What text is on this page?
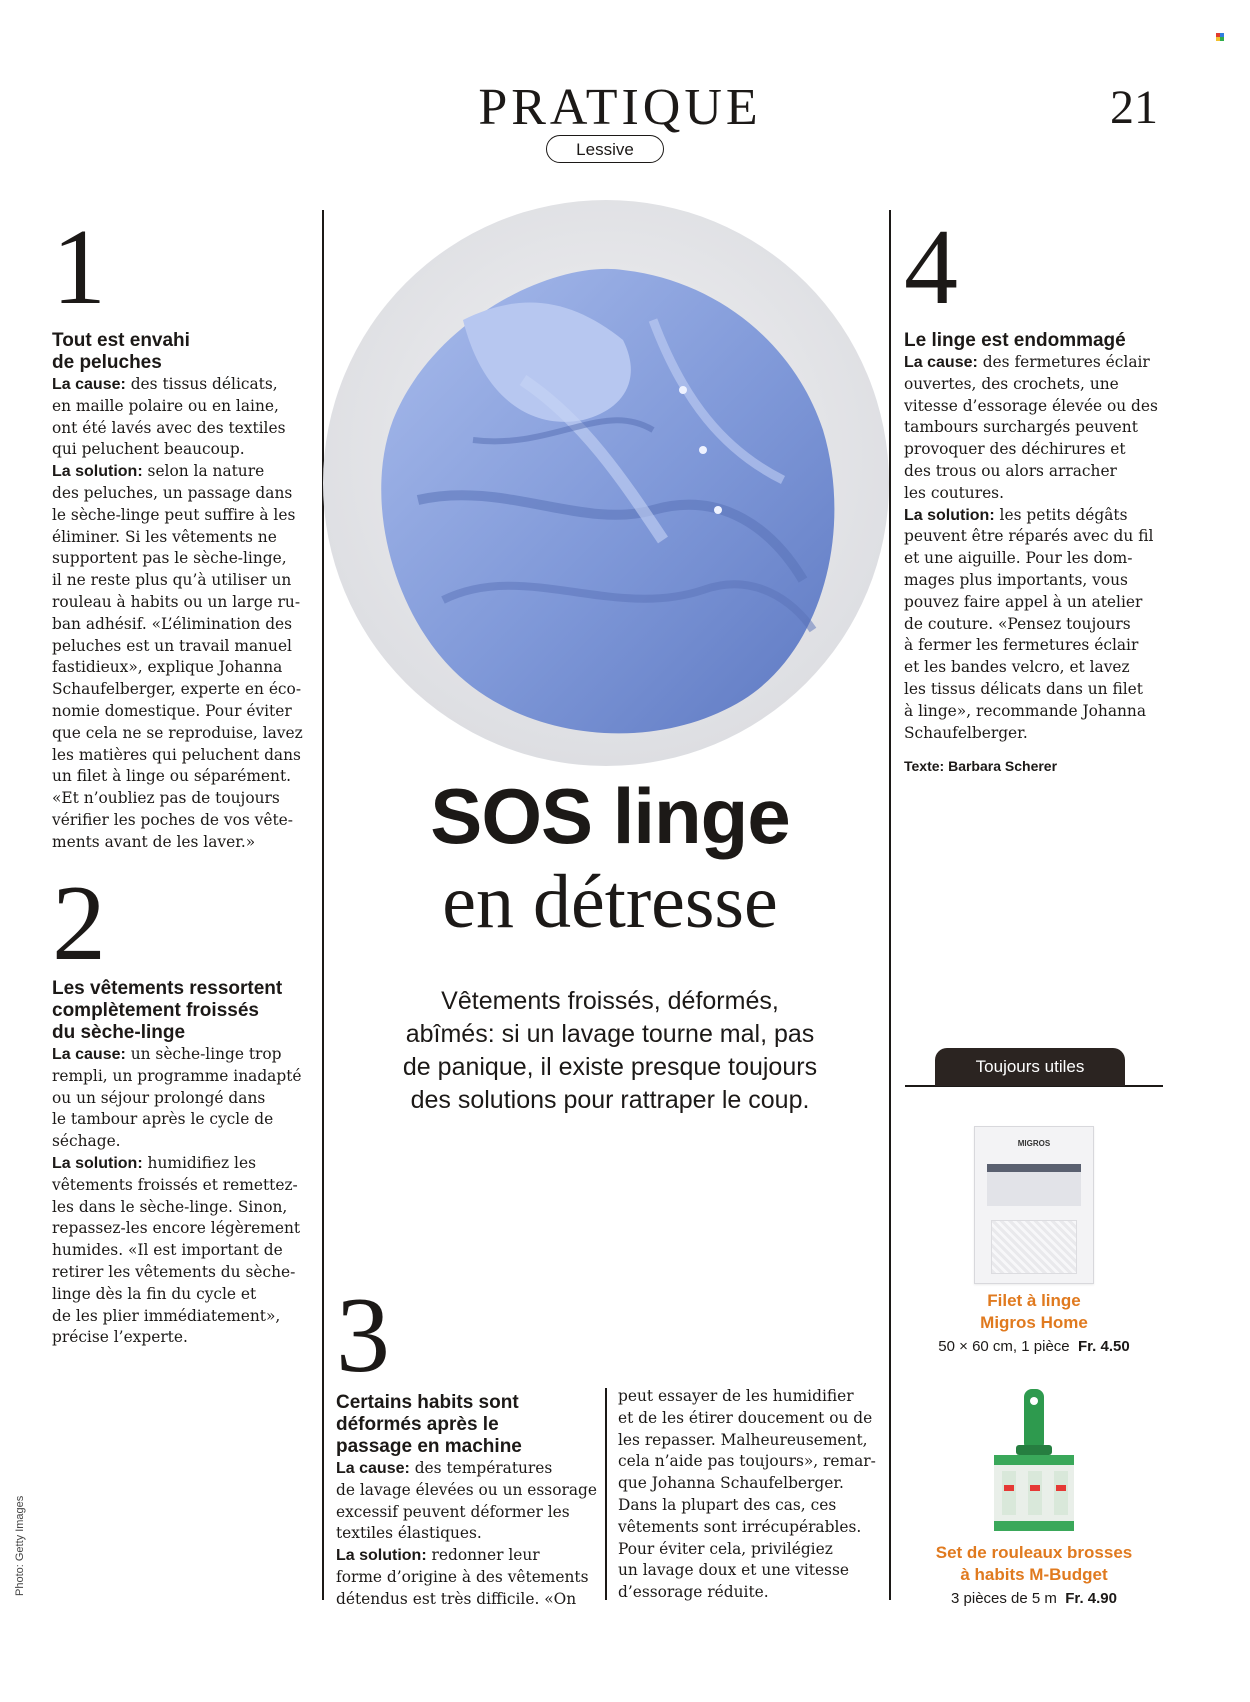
PRATIQUE
Lessive
21
1
Tout est envahi
de peluches
La cause: des tissus délicats,
en maille polaire ou en laine,
ont été lavés avec des textiles
qui peluchent beaucoup.
La solution: selon la nature
des peluches, un passage dans
le sèche-linge peut suffire à les
éliminer. Si les vêtements ne
supportent pas le sèche-linge,
il ne reste plus qu’à utiliser un
rouleau à habits ou un large ru-
ban adhésif. «L’élimination des
peluches est un travail manuel
fastidieux», explique Johanna
Schaufelberger, experte en éco-
nomie domestique. Pour éviter
que cela ne se reproduise, lavez
les matières qui peluchent dans
un filet à linge ou séparément.
«Et n’oubliez pas de toujours
vérifier les poches de vos vête-
ments avant de les laver.»
2
Les vêtements ressortent
complètement froissés
du sèche-linge
La cause: un sèche-linge trop
rempli, un programme inadapté
ou un séjour prolongé dans
le tambour après le cycle de
séchage.
La solution: humidifiez les
vêtements froissés et remettez-
les dans le sèche-linge. Sinon,
repassez-les encore légèrement
humides. «Il est important de
retirer les vêtements du sèche-
linge dès la fin du cycle et
de les plier immédiatement»,
précise l’experte.
SOS linge
en détresse
Vêtements froissés, déformés,
abîmés: si un lavage tourne mal, pas
de panique, il existe presque toujours
des solutions pour rattraper le coup.
3
Certains habits sont
déformés après le
passage en machine
La cause: des températures
de lavage élevées ou un essorage
excessif peuvent déformer les
textiles élastiques.
La solution: redonner leur
forme d’origine à des vêtements
détendus est très difficile. «On
peut essayer de les humidifier
et de les étirer doucement ou de
les repasser. Malheureusement,
cela n’aide pas toujours», remar-
que Johanna Schaufelberger.
Dans la plupart des cas, ces
vêtements sont irrécupérables.
Pour éviter cela, privilégiez
un lavage doux et une vitesse
d’essorage réduite.
4
Le linge est endommagé
La cause: des fermetures éclair
ouvertes, des crochets, une
vitesse d’essorage élevée ou des
tambours surchargés peuvent
provoquer des déchirures et
des trous ou alors arracher
les coutures.
La solution: les petits dégâts
peuvent être réparés avec du fil
et une aiguille. Pour les dom-
mages plus importants, vous
pouvez faire appel à un atelier
de couture. «Pensez toujours
à fermer les fermetures éclair
et les bandes velcro, et lavez
les tissus délicats dans un filet
à linge», recommande Johanna
Schaufelberger.
Texte: Barbara Scherer
Toujours utiles
MIGROS
Filet à linge
Migros Home
50 × 60 cm, 1 pièce Fr. 4.50
Set de rouleaux brosses
à habits M-Budget
3 pièces de 5 m Fr. 4.90
Photo: Getty Images
